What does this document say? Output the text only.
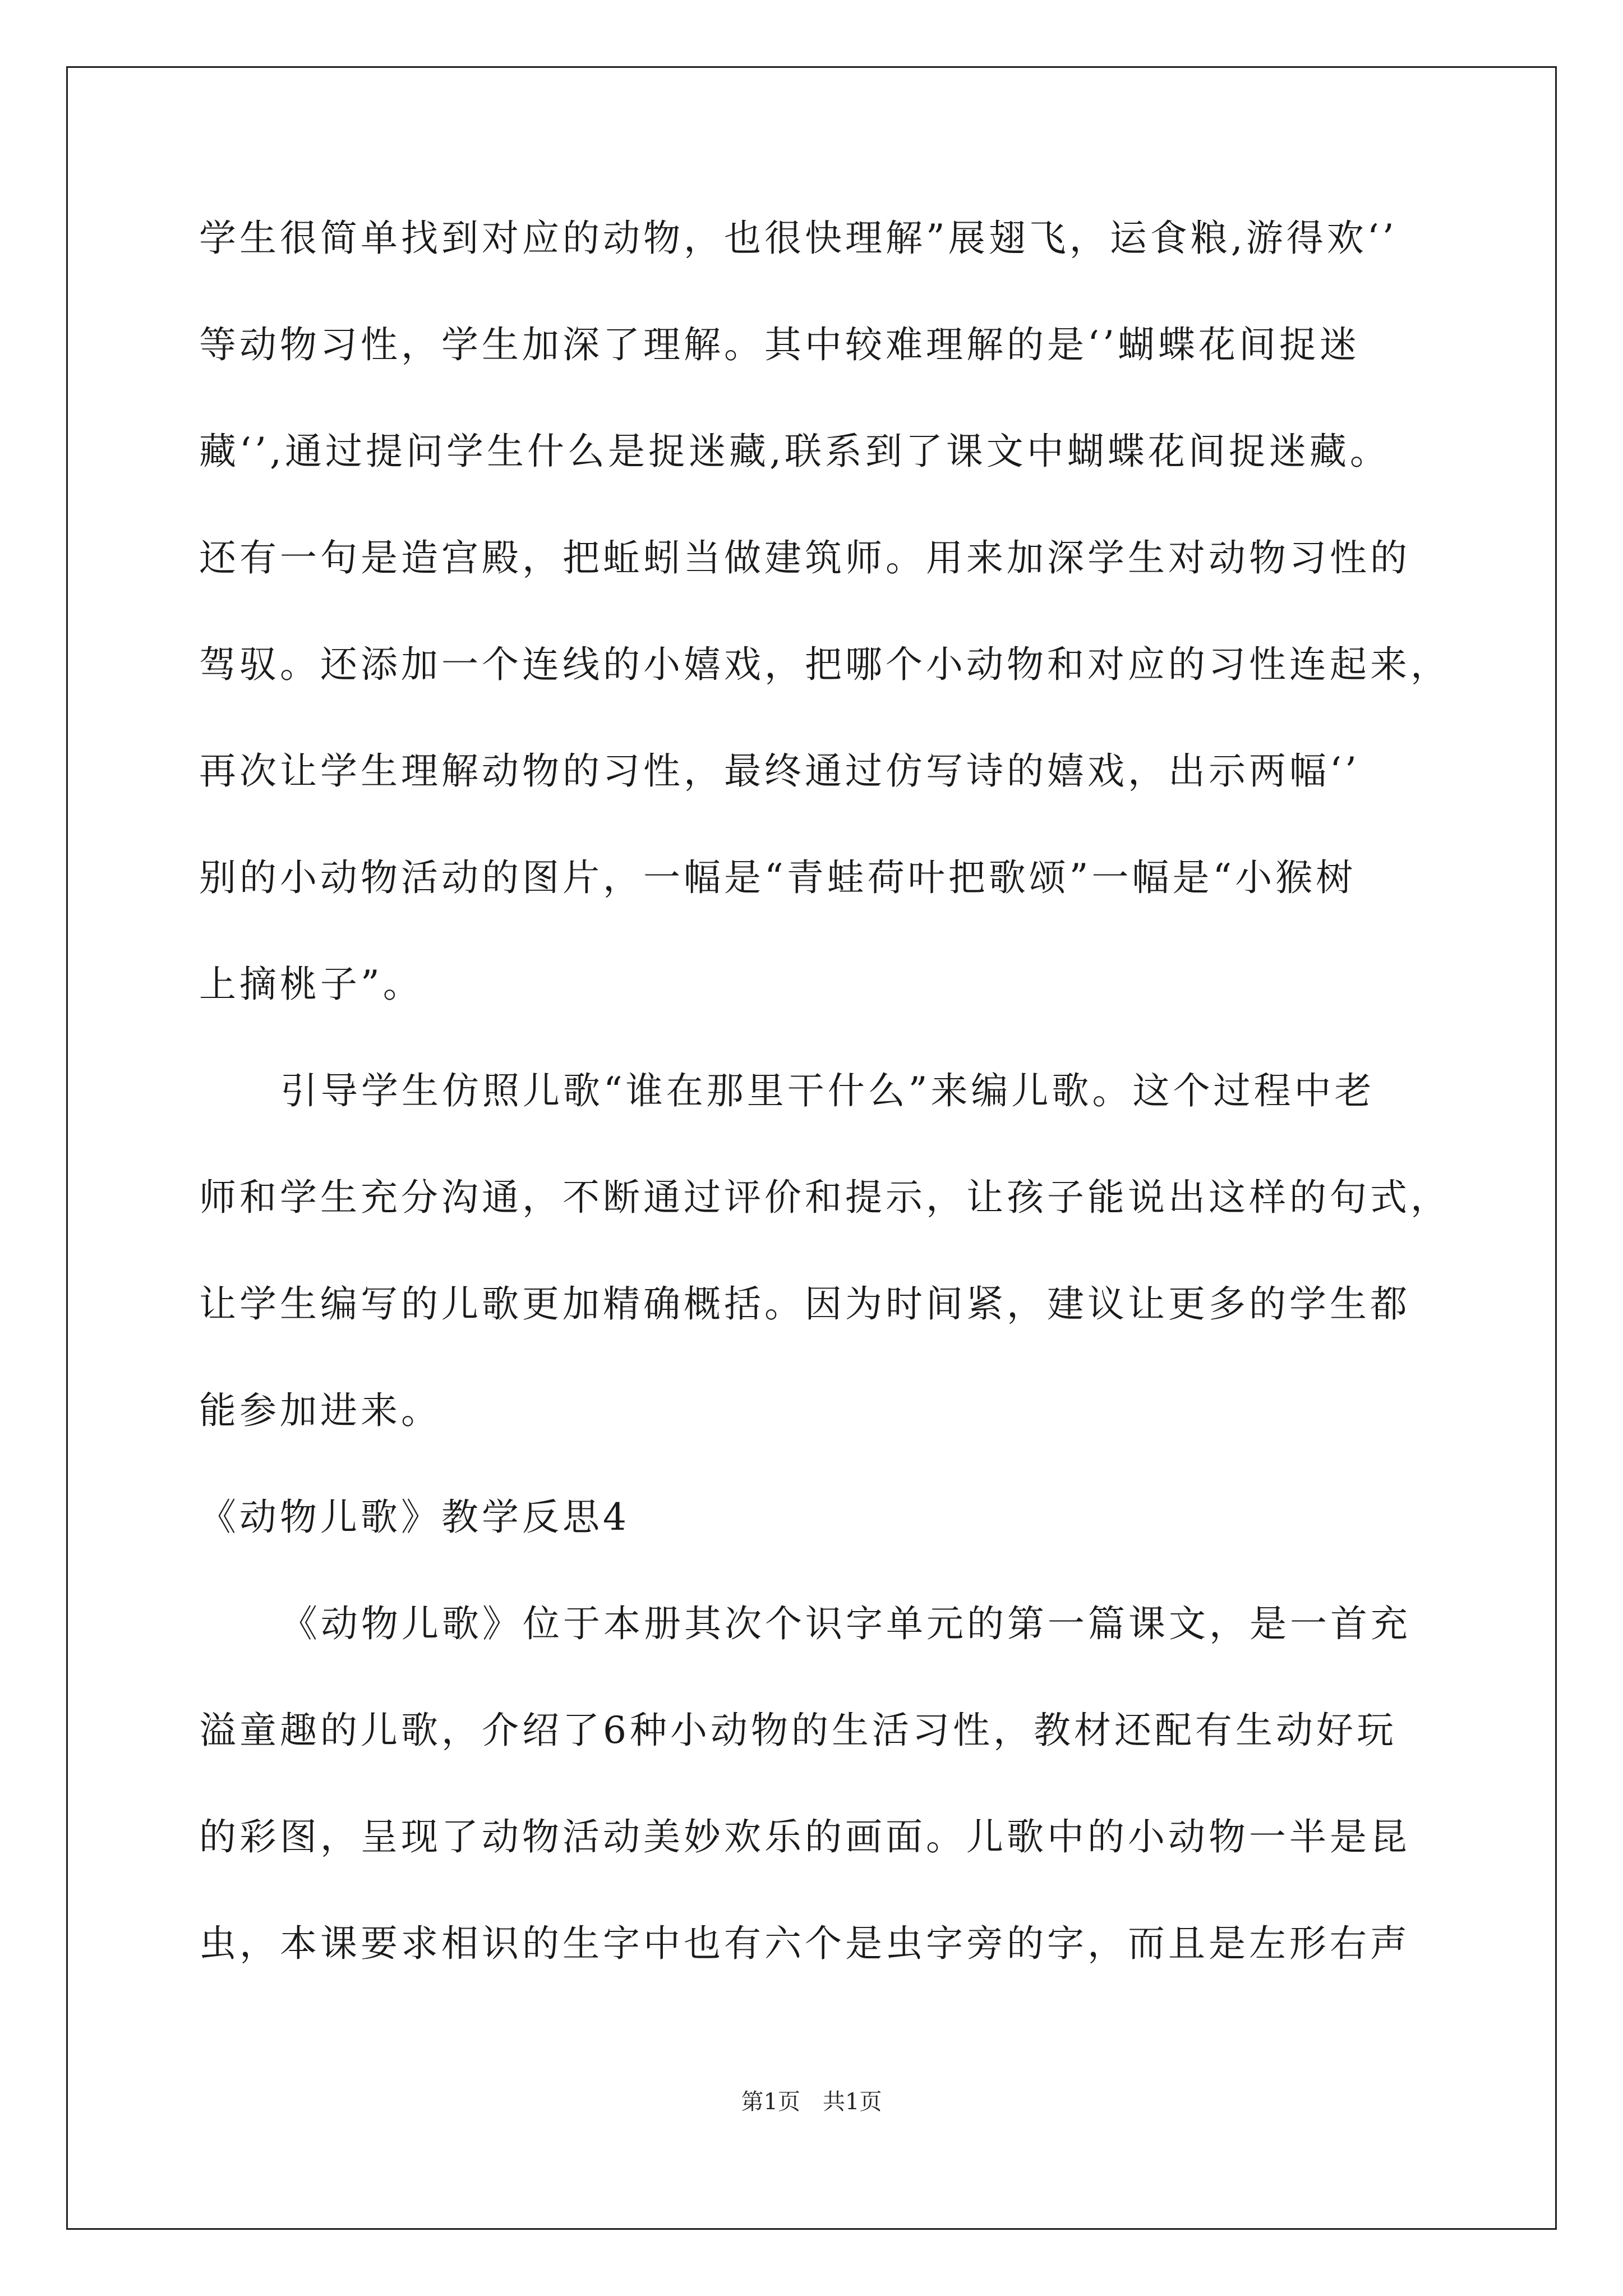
学生很简单找到对应的动物，也很快理解”展翅飞，运食粮,游得欢‘’
等动物习性，学生加深了理解。其中较难理解的是‘’蝴蝶花间捉迷
藏‘’,通过提问学生什么是捉迷藏,联系到了课文中蝴蝶花间捉迷藏。
还有一句是造宫殿，把蚯蚓当做建筑师。用来加深学生对动物习性的
驾驭。还添加一个连线的小嬉戏，把哪个小动物和对应的习性连起来，
再次让学生理解动物的习性，最终通过仿写诗的嬉戏，出示两幅‘’
别的小动物活动的图片，一幅是“青蛙荷叶把歌颂”一幅是“小猴树
上摘桃子”。
引导学生仿照儿歌“谁在那里干什么”来编儿歌。这个过程中老
师和学生充分沟通，不断通过评价和提示，让孩子能说出这样的句式，
让学生编写的儿歌更加精确概括。因为时间紧，建议让更多的学生都
能参加进来。
《动物儿歌》教学反思4
《动物儿歌》位于本册其次个识字单元的第一篇课文，是一首充
溢童趣的儿歌，介绍了6种小动物的生活习性，教材还配有生动好玩
的彩图，呈现了动物活动美妙欢乐的画面。儿歌中的小动物一半是昆
虫，本课要求相识的生字中也有六个是虫字旁的字，而且是左形右声
第1页　共1页
